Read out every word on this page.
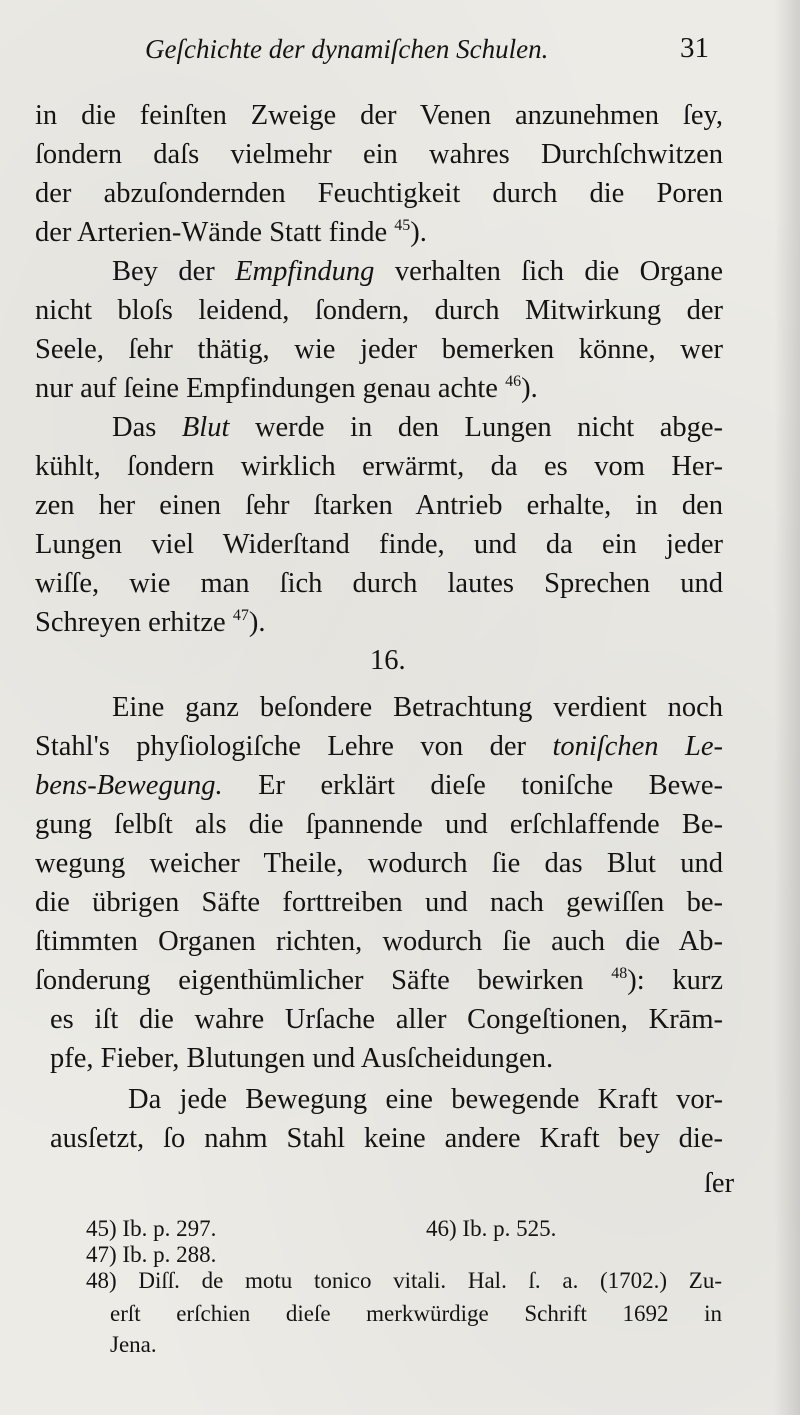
Geſchichte der dynamiſchen Schulen.	31
in die feinſten Zweige der Venen anzunehmen ſey,
ſondern daſs vielmehr ein wahres Durchſchwitzen
der abzuſondernden Feuchtigkeit durch die Poren
der Arterien-Wände Statt finde $^{45}$).
Bey der Empfindung verhalten ſich die Organe
nicht bloſs leidend, ſondern, durch Mitwirkung der
Seele, ſehr thätig, wie jeder bemerken könne, wer
nur auf ſeine Empfindungen genau achte $^{46}$).
Das Blut werde in den Lungen nicht abge-
kühlt, ſondern wirklich erwärmt, da es vom Her-
zen her einen ſehr ſtarken Antrieb erhalte, in den
Lungen viel Widerſtand finde, und da ein jeder
wiſſe, wie man ſich durch lautes Sprechen und
Schreyen erhitze $^{47}$).
16.
Eine ganz beſondere Betrachtung verdient noch
Stahl's phyſiologiſche Lehre von der toniſchen Le-
bens-Bewegung. Er erklärt dieſe toniſche Bewe-
gung ſelbſt als die ſpannende und erſchlaffende Be-
wegung weicher Theile, wodurch ſie das Blut und
die übrigen Säfte forttreiben und nach gewiſſen be-
ſtimmten Organen richten, wodurch ſie auch die Ab-
ſonderung eigenthümlicher Säfte bewirken $^{48}$): kurz
es iſt die wahre Urſache aller Congeſtionen, Krām-
pfe, Fieber, Blutungen und Ausſcheidungen.
Da jede Bewegung eine bewegende Kraft vor-
ausſetzt, ſo nahm Stahl keine andere Kraft bey die-
ſer
45) Ib. p. 297.	46) Ib. p. 525.
47) Ib. p. 288.
48) Diſſ. de motu tonico vitali. Hal. ſ. a. (1702.) Zu-
erſt erſchien dieſe merkwürdige Schrift 1692 in
Jena.
